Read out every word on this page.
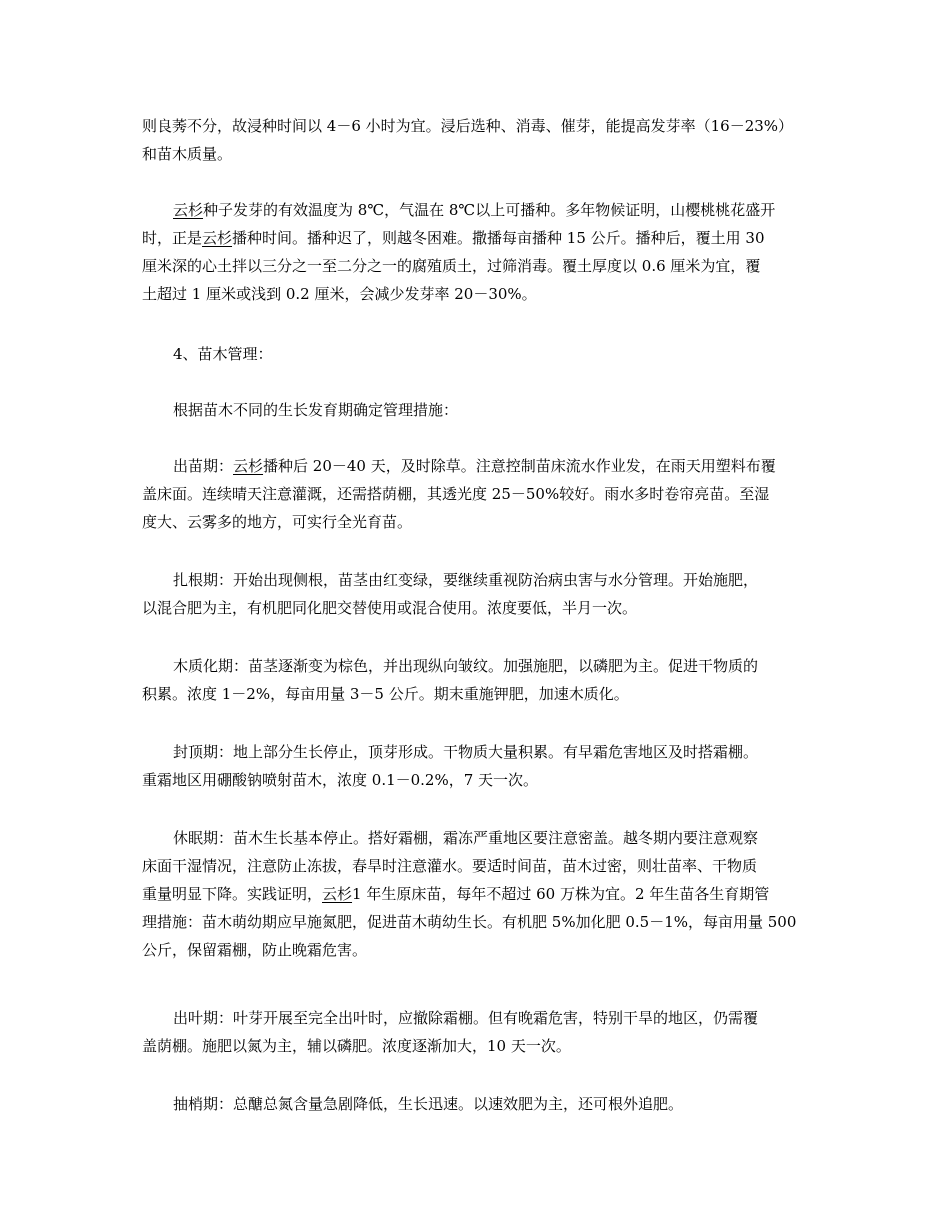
则良莠不分，故浸种时间以 4－6 小时为宜。浸后选种、消毒、催芽，能提高发芽率（16－23%）
和苗木质量。

云杉种子发芽的有效温度为 8℃，气温在 8℃以上可播种。多年物候证明，山樱桃桃花盛开
时，正是云杉播种时间。播种迟了，则越冬困难。撒播每亩播种 15 公斤。播种后，覆土用 30
厘米深的心土拌以三分之一至二分之一的腐殖质土，过筛消毒。覆土厚度以 0.6 厘米为宜，覆
土超过 1 厘米或浅到 0.2 厘米，会减少发芽率 20－30%。

4、苗木管理：

根据苗木不同的生长发育期确定管理措施：

出苗期：云杉播种后 20－40 天，及时除草。注意控制苗床流水作业发，在雨天用塑料布覆
盖床面。连续晴天注意灌溉，还需搭荫棚，其透光度 25－50%较好。雨水多时卷帘亮苗。至湿
度大、云雾多的地方，可实行全光育苗。

扎根期：开始出现侧根，苗茎由红变绿，要继续重视防治病虫害与水分管理。开始施肥，
以混合肥为主，有机肥同化肥交替使用或混合使用。浓度要低，半月一次。

木质化期：苗茎逐渐变为棕色，并出现纵向皱纹。加强施肥，以磷肥为主。促进干物质的
积累。浓度 1－2%，每亩用量 3－5 公斤。期末重施钾肥，加速木质化。

封顶期：地上部分生长停止，顶芽形成。干物质大量积累。有早霜危害地区及时搭霜棚。
重霜地区用硼酸钠喷射苗木，浓度 0.1－0.2%，7 天一次。

休眠期：苗木生长基本停止。搭好霜棚，霜冻严重地区要注意密盖。越冬期内要注意观察
床面干湿情况，注意防止冻拔，春旱时注意灌水。要适时间苗，苗木过密，则壮苗率、干物质
重量明显下降。实践证明，云杉1 年生原床苗，每年不超过 60 万株为宜。2 年生苗各生育期管
理措施：苗木萌幼期应早施氮肥，促进苗木萌幼生长。有机肥 5%加化肥 0.5－1%，每亩用量 500
公斤，保留霜棚，防止晚霜危害。

出叶期：叶芽开展至完全出叶时，应撤除霜棚。但有晚霜危害，特别干旱的地区，仍需覆
盖荫棚。施肥以氮为主，辅以磷肥。浓度逐渐加大，10 天一次。

抽梢期：总醣总氮含量急剧降低，生长迅速。以速效肥为主，还可根外追肥。
